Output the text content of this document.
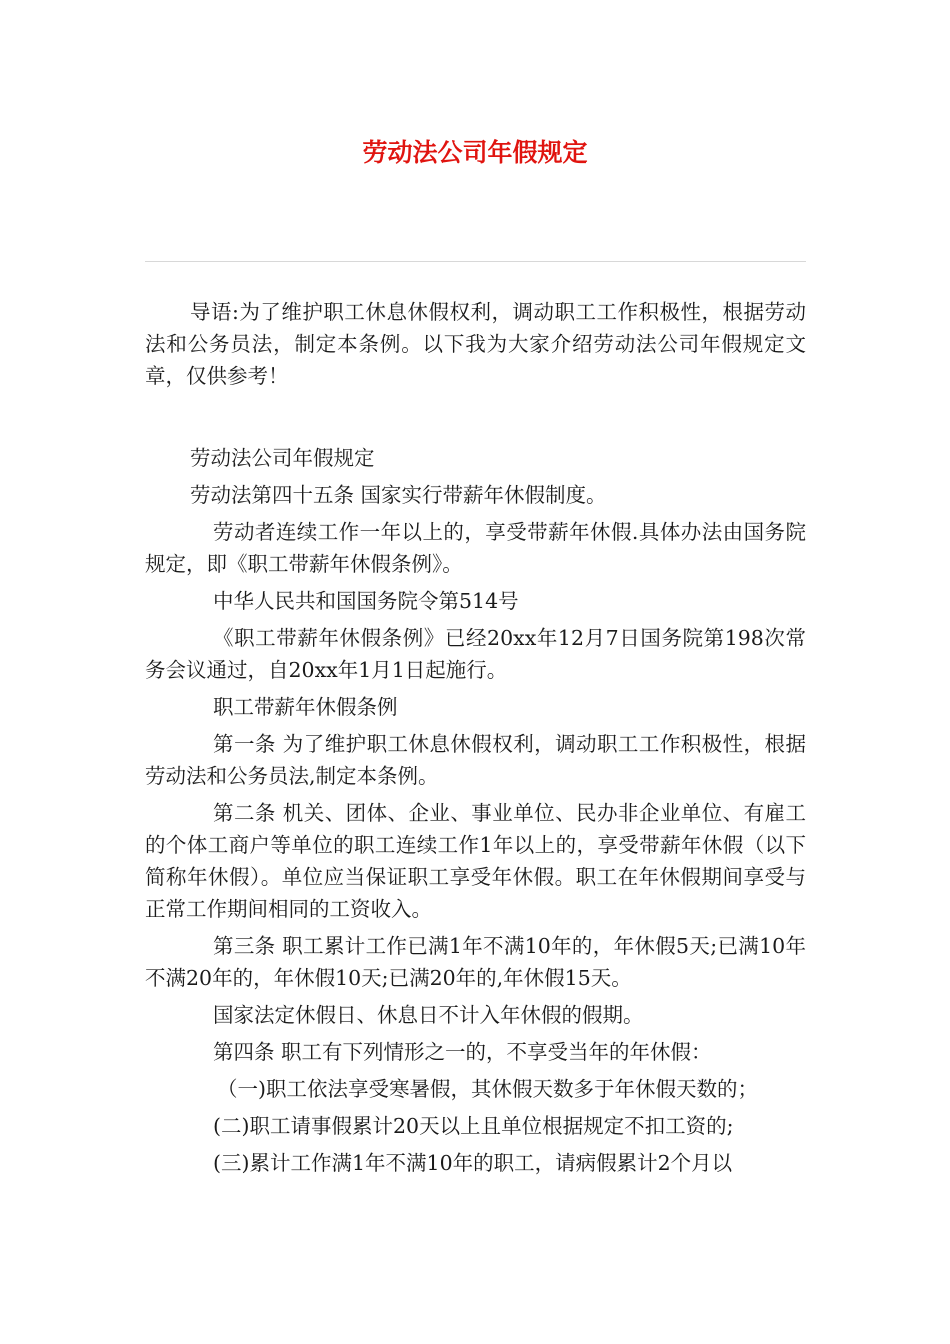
劳动法公司年假规定

导语:为了维护职工休息休假权利，调动职工工作积极性，根据劳动法和公务员法，制定本条例。以下我为大家介绍劳动法公司年假规定文章，仅供参考！

劳动法公司年假规定

劳动法第四十五条 国家实行带薪年休假制度。

劳动者连续工作一年以上的，享受带薪年休假.具体办法由国务院规定，即《职工带薪年休假条例》。

中华人民共和国国务院令第514号

《职工带薪年休假条例》已经20xx年12月7日国务院第198次常务会议通过，自20xx年1月1日起施行。

职工带薪年休假条例

第一条 为了维护职工休息休假权利，调动职工工作积极性，根据劳动法和公务员法,制定本条例。

第二条 机关、团体、企业、事业单位、民办非企业单位、有雇工的个体工商户等单位的职工连续工作1年以上的，享受带薪年休假（以下简称年休假）。单位应当保证职工享受年休假。职工在年休假期间享受与正常工作期间相同的工资收入。

第三条 职工累计工作已满1年不满10年的，年休假5天;已满10年不满20年的，年休假10天;已满20年的,年休假15天。

国家法定休假日、休息日不计入年休假的假期。

第四条 职工有下列情形之一的，不享受当年的年休假：

（一)职工依法享受寒暑假，其休假天数多于年休假天数的；

(二)职工请事假累计20天以上且单位根据规定不扣工资的;

(三)累计工作满1年不满10年的职工，请病假累计2个月以
